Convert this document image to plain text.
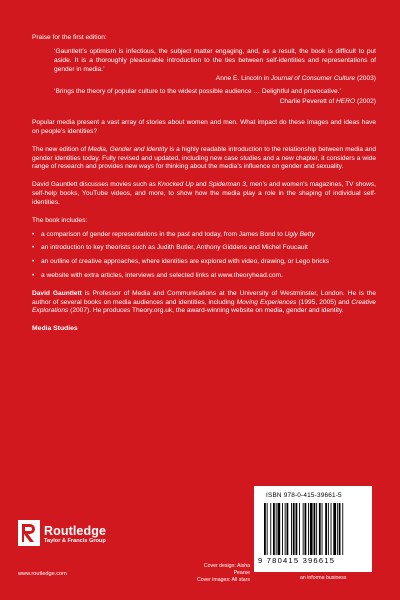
Praise for the first edition:

‘Gauntlett’s optimism is infectious, the subject matter engaging, and, as a result, the book is difficult to put aside. It is a thoroughly pleasurable introduction to the ties between self-identities and representations of gender in media.’

Anne E. Lincoln in Journal of Consumer Culture (2003)

‘Brings the theory of popular culture to the widest possible audience … Delightful and provocative.’

Charlie Peverett of HERO (2002)

Popular media present a vast array of stories about women and men. What impact do these images and ideas have on people’s identities?

The new edition of Media, Gender and Identity is a highly readable introduction to the relationship between media and gender identities today. Fully revised and updated, including new case studies and a new chapter, it considers a wide range of research and provides new ways for thinking about the media’s influence on gender and sexuality.

David Gauntlett discusses movies such as Knocked Up and Spiderman 3, men’s and women’s magazines, TV shows, self-help books, YouTube videos, and more, to show how the media play a role in the shaping of individual self-identities.

The book includes:

• a comparison of gender representations in the past and today, from James Bond to Ugly Betty
• an introduction to key theorists such as Judith Butler, Anthony Giddens and Michel Foucault
• an outline of creative approaches, where identities are explored with video, drawing, or Lego bricks
• a website with extra articles, interviews and selected links at www.theoryhead.com.

David Gauntlett is Professor of Media and Communications at the University of Westminster, London. He is the author of several books on media audiences and identities, including Moving Experiences (1995, 2005) and Creative Explorations (2007). He produces Theory.org.uk, the award-winning website on media, gender and identity.

Media Studies

Routledge
Taylor & Francis Group
www.routledge.com
Cover design: Aisha Pearse
Cover images: All stars
ISBN 978-0-415-39661-5
9 780415 396615
an informa business
